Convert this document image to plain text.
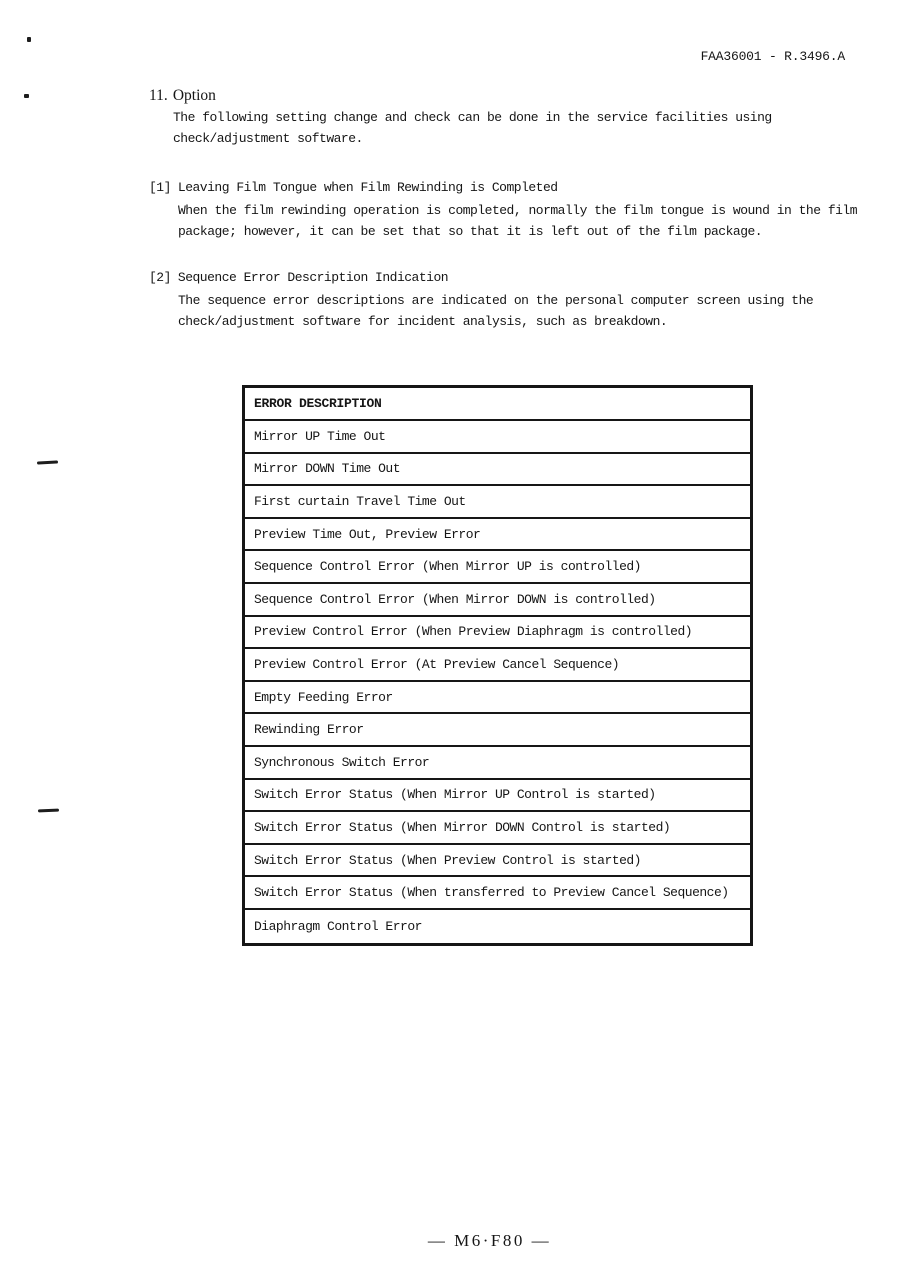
FAA36001 - R.3496.A
11. Option
The following setting change and check can be done in the service facilities using
check/adjustment software.
[1] Leaving Film Tongue when Film Rewinding is Completed
When the film rewinding operation is completed, normally the film tongue is wound in the film
package; however, it can be set that so that it is left out of the film package.
[2] Sequence Error Description Indication
The sequence error descriptions are indicated on the personal computer screen using the
check/adjustment software for incident analysis, such as breakdown.
ERROR DESCRIPTION
Mirror UP Time Out
Mirror DOWN Time Out
First curtain Travel Time Out
Preview Time Out, Preview Error
Sequence Control Error (When Mirror UP is controlled)
Sequence Control Error (When Mirror DOWN is controlled)
Preview Control Error (When Preview Diaphragm is controlled)
Preview Control Error (At Preview Cancel Sequence)
Empty Feeding Error
Rewinding Error
Synchronous Switch Error
Switch Error Status (When Mirror UP Control is started)
Switch Error Status (When Mirror DOWN Control is started)
Switch Error Status (When Preview Control is started)
Switch Error Status (When transferred to Preview Cancel Sequence)
Diaphragm Control Error
— M6·F80 —
